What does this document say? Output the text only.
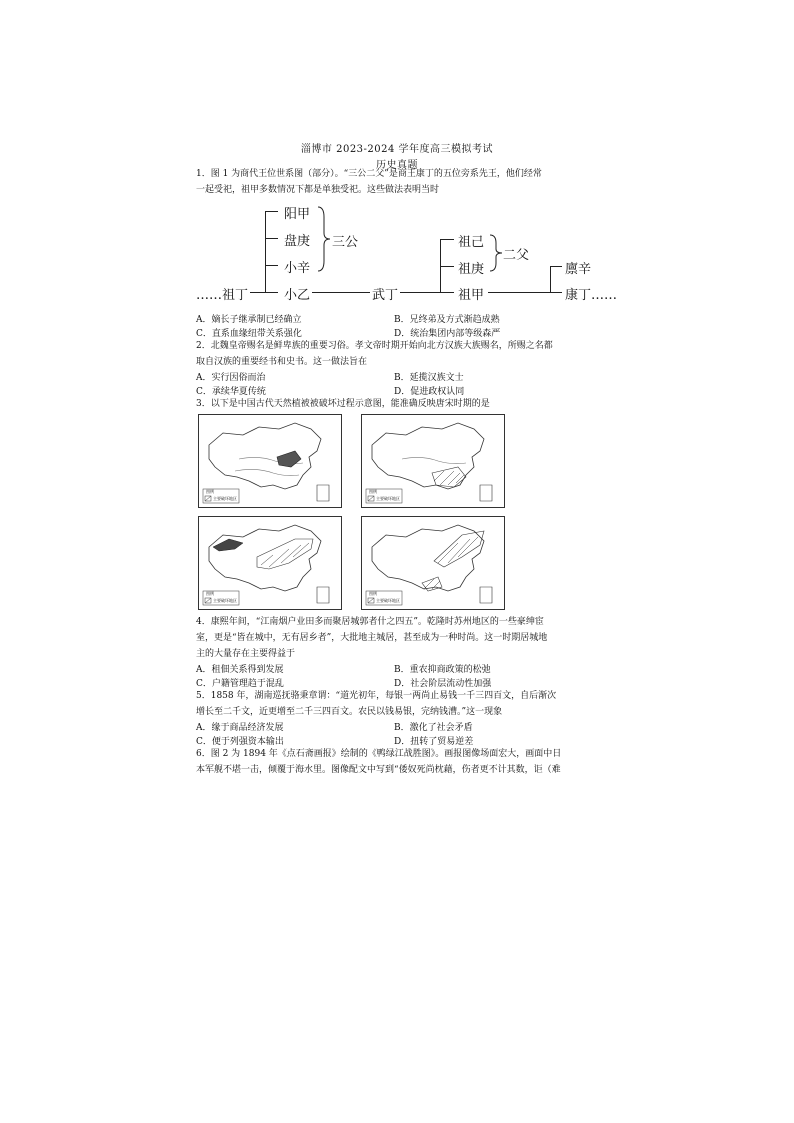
淄博市 2023-2024 学年度高三模拟考试
历史真题
1．图 1 为商代王位世系图（部分）。“三公二父”是商王康丁的五位旁系先王，他们经常
一起受祀，祖甲多数情况下都是单独受祀。这些做法表明当时
阳甲
盘庚
小辛
小乙
……祖丁
三公
武丁
祖己
祖庚
祖甲
二父
廪辛
康丁……
A．嫡长子继承制已经确立	B．兄终弟及方式渐趋成熟
C．直系血缘纽带关系强化	D．统治集团内部等级森严
2．北魏皇帝赐名是鲜卑族的重要习俗。孝文帝时期开始向北方汉族大族赐名，所赐之名都
取自汉族的重要经书和史书。这一做法旨在
A．实行因俗而治	B．延揽汉族文士
C．承续华夏传统	D．促进政权认同
3．以下是中国古代天然植被被破坏过程示意图，能准确反映唐宋时期的是
图例
主要破坏地区
图例
主要破坏地区
图例
主要破坏地区
图例
主要破坏地区
4．康熙年间，“江南烟户业田多而聚居城郭者什之四五”。乾隆时苏州地区的一些豪绅宦
室，更是“皆在城中，无有居乡者”，大批地主城居，甚至成为一种时尚。这一时期居城地
主的大量存在主要得益于
A．租佃关系得到发展	B．重农抑商政策的松弛
C．户籍管理趋于混乱	D．社会阶层流动性加强
5．1858 年，湖南巡抚骆秉章谓：“道光初年，每银一两尚止易钱一千三四百文，自后渐次
增长至二千文，近更增至二千三四百文。农民以钱易银，完纳钱漕。”这一现象
A．缘于商品经济发展	B．激化了社会矛盾
C．便于列强资本输出	D．扭转了贸易逆差
6．图 2 为 1894 年《点石斋画报》绘制的《鸭绿江战胜图》。画报图像场面宏大，画面中日
本军舰不堪一击，倾覆于海水里。图像配文中写到“倭奴死尚枕藉，伤者更不计其数，讵（难
